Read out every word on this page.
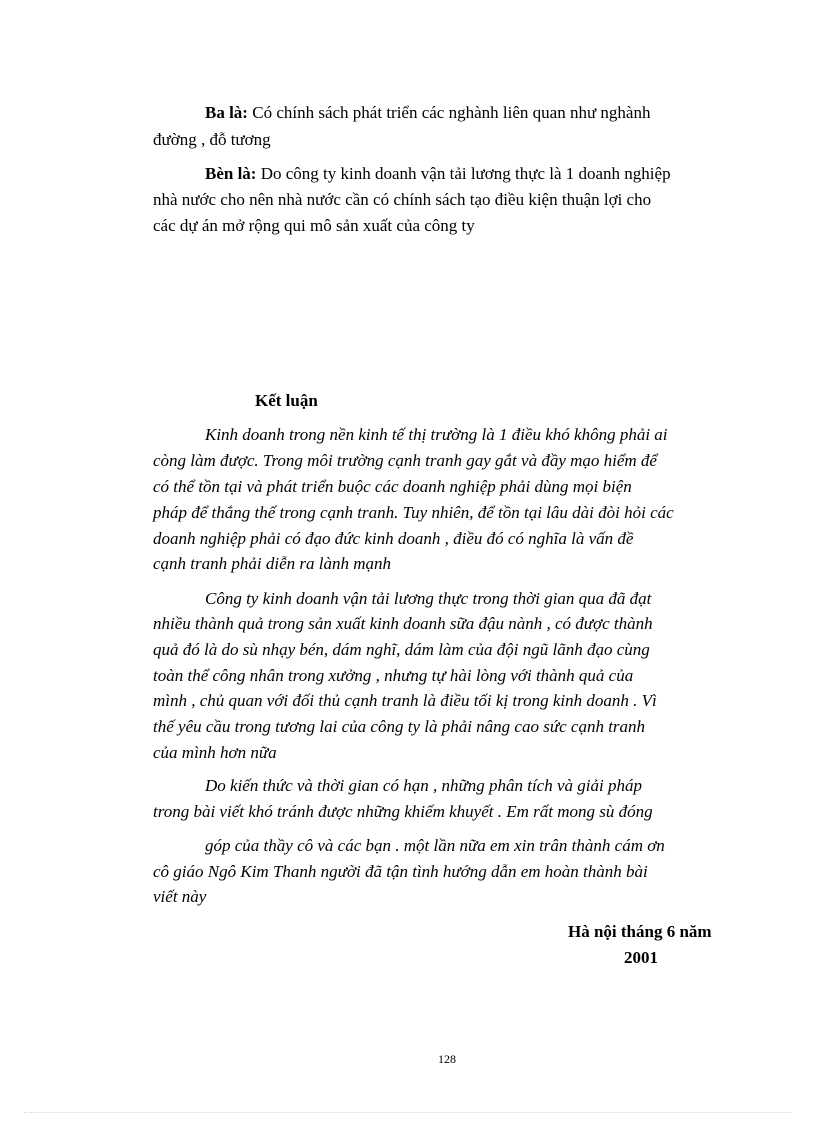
Ba là: Có chính sách phát triển các nghành liên quan như nghành
đường , đỗ tương
Bèn là: Do công ty kinh doanh vận tải lương thực là 1 doanh nghiệp
nhà nước cho nên nhà nước cần có chính sách tạo điều kiện thuận lợi cho
các dự án mở rộng qui mô sản xuất của công ty
Kết luận
Kinh doanh trong nền kinh tế thị trường là 1 điều khó không phải ai
còng làm được. Trong môi trường cạnh tranh gay gắt và đầy mạo hiểm để
có thể tồn tại và phát triển buộc các doanh nghiệp phải dùng mọi biện
pháp để thắng thế trong cạnh tranh. Tuy nhiên, để tồn tại lâu dài đòi hỏi các
doanh nghiệp phải có đạo đức kinh doanh , điều đó có nghĩa là vấn đề
cạnh tranh phải diễn ra lành mạnh
Công ty kinh doanh vận tải lương thực trong thời gian qua đã đạt
nhiều thành quả trong sản xuất kinh doanh sữa đậu nành , có được thành
quả đó là do sù nhạy bén, dám nghĩ, dám làm của đội ngũ lãnh đạo cùng
toàn thể công nhân trong xưởng , nhưng tự hài lòng với thành quả của
mình , chủ quan với đối thủ cạnh tranh là điều tối kị trong kinh doanh . Vì
thế yêu cầu trong tương lai của công ty là phải nâng cao sức cạnh tranh
của mình hơn nữa
Do kiến thức và thời gian có hạn , những phân tích và giải pháp
trong bài viết khó tránh được những khiếm khuyết . Em rất mong sù đóng
góp của thầy cô và các bạn . một lần nữa em xin trân thành cám ơn
cô giáo Ngô Kim Thanh người đã tận tình hướng dẫn em hoàn thành bài
viết này
Hà nội tháng 6 năm
2001
128
